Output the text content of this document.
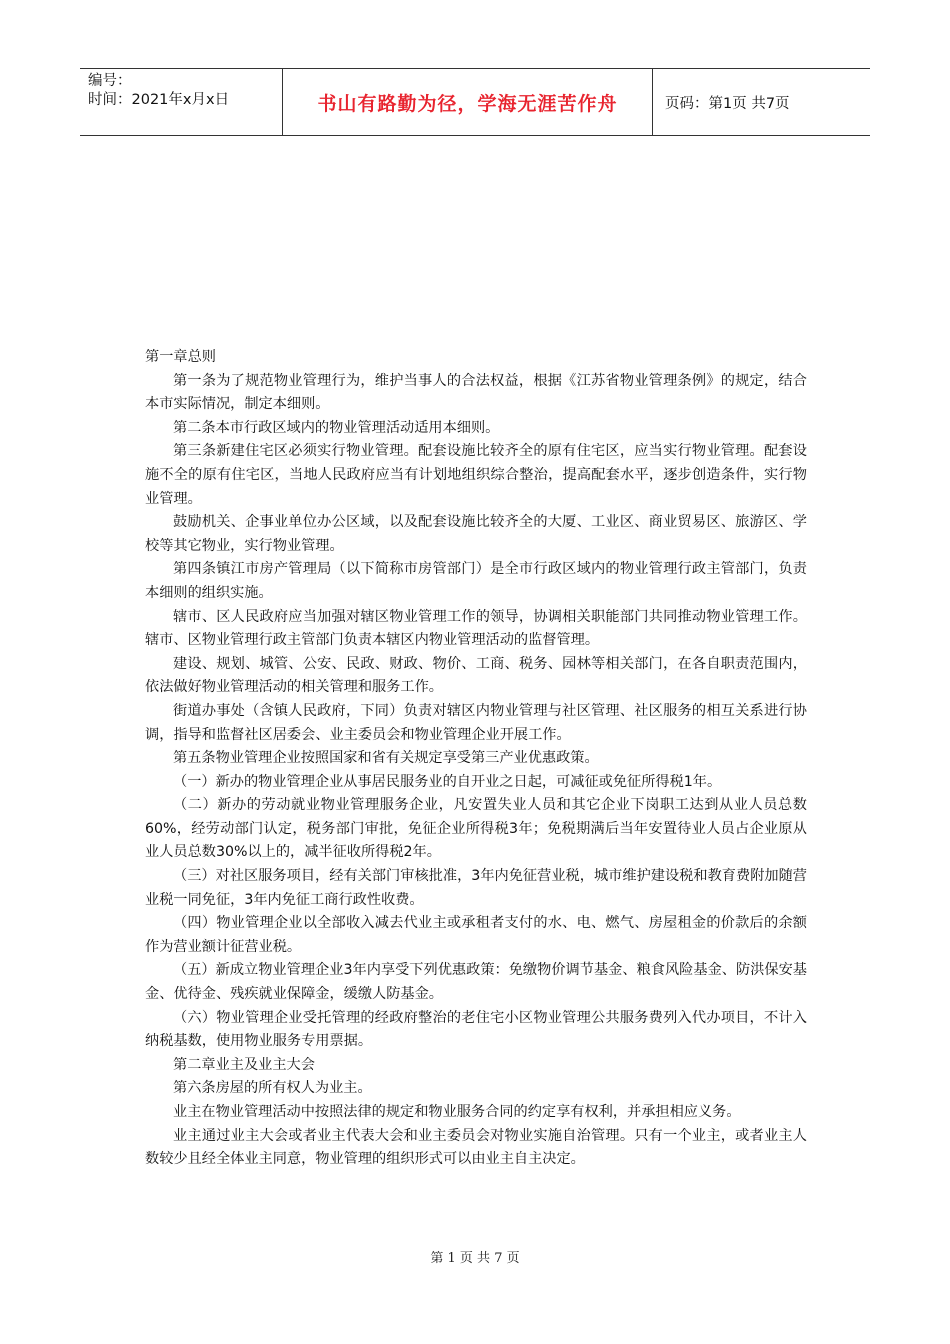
编号：
时间：2021年x月x日	书山有路勤为径，学海无涯苦作舟	页码：第1页 共7页

第一章总则

第一条为了规范物业管理行为，维护当事人的合法权益，根据《江苏省物业管理条例》的规定，结合本市实际情况，制定本细则。

第二条本市行政区域内的物业管理活动适用本细则。

第三条新建住宅区必须实行物业管理。配套设施比较齐全的原有住宅区，应当实行物业管理。配套设施不全的原有住宅区，当地人民政府应当有计划地组织综合整治，提高配套水平，逐步创造条件，实行物业管理。

鼓励机关、企事业单位办公区域，以及配套设施比较齐全的大厦、工业区、商业贸易区、旅游区、学校等其它物业，实行物业管理。

第四条镇江市房产管理局（以下简称市房管部门）是全市行政区域内的物业管理行政主管部门，负责本细则的组织实施。

辖市、区人民政府应当加强对辖区物业管理工作的领导，协调相关职能部门共同推动物业管理工作。辖市、区物业管理行政主管部门负责本辖区内物业管理活动的监督管理。

建设、规划、城管、公安、民政、财政、物价、工商、税务、园林等相关部门，在各自职责范围内，依法做好物业管理活动的相关管理和服务工作。

街道办事处（含镇人民政府，下同）负责对辖区内物业管理与社区管理、社区服务的相互关系进行协调，指导和监督社区居委会、业主委员会和物业管理企业开展工作。

第五条物业管理企业按照国家和省有关规定享受第三产业优惠政策。

（一）新办的物业管理企业从事居民服务业的自开业之日起，可减征或免征所得税1年。

（二）新办的劳动就业物业管理服务企业，凡安置失业人员和其它企业下岗职工达到从业人员总数60%，经劳动部门认定，税务部门审批，免征企业所得税3年；免税期满后当年安置待业人员占企业原从业人员总数30%以上的，减半征收所得税2年。

（三）对社区服务项目，经有关部门审核批准，3年内免征营业税，城市维护建设税和教育费附加随营业税一同免征，3年内免征工商行政性收费。

（四）物业管理企业以全部收入减去代业主或承租者支付的水、电、燃气、房屋租金的价款后的余额作为营业额计征营业税。

（五）新成立物业管理企业3年内享受下列优惠政策：免缴物价调节基金、粮食风险基金、防洪保安基金、优待金、残疾就业保障金，缓缴人防基金。

（六）物业管理企业受托管理的经政府整治的老住宅小区物业管理公共服务费列入代办项目，不计入纳税基数，使用物业服务专用票据。

第二章业主及业主大会

第六条房屋的所有权人为业主。

业主在物业管理活动中按照法律的规定和物业服务合同的约定享有权利，并承担相应义务。

业主通过业主大会或者业主代表大会和业主委员会对物业实施自治管理。只有一个业主，或者业主人数较少且经全体业主同意，物业管理的组织形式可以由业主自主决定。

第 1 页 共 7 页
